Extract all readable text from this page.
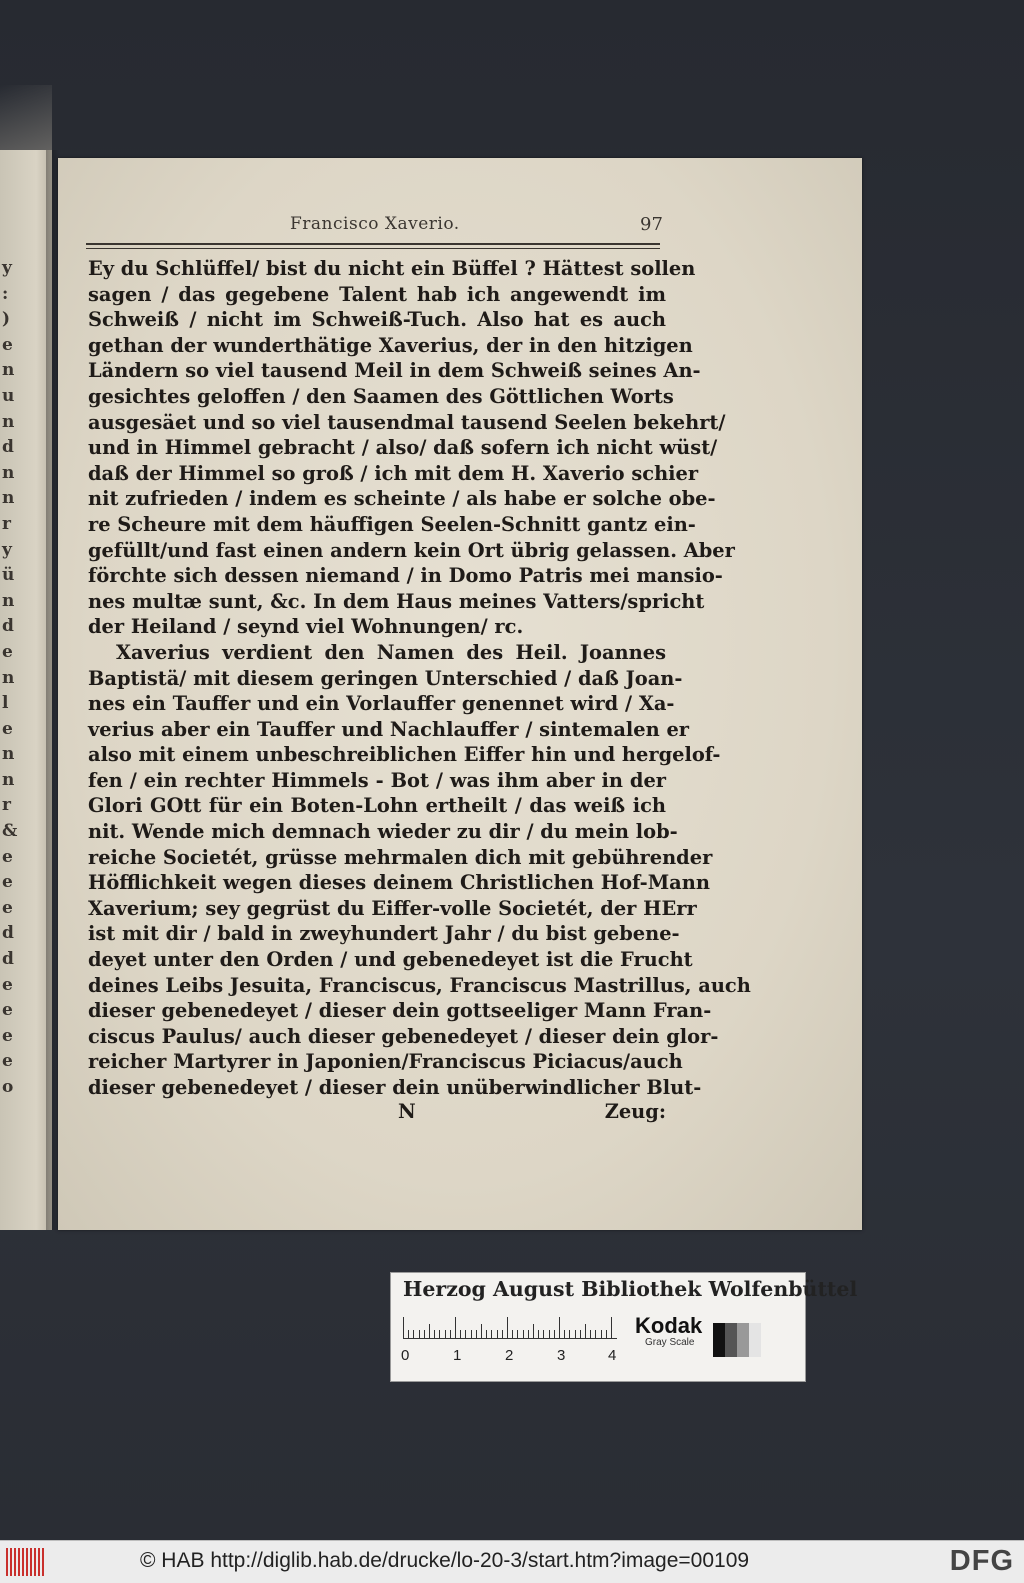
y
:
)
e
n
u
n
d
n
n
r
y
ü
n
d
e
n
l
e
n
n
r
&
e
e
e
d
d
e
e
e
e
o
Francisco Xaverio.	97
Ey du Schlüffel/ bist du nicht ein Büffel ? Hättest sollen
sagen / das gegebene Talent hab ich angewendt im
Schweiß / nicht im Schweiß-Tuch. Also hat es auch
gethan der wunderthätige Xaverius, der in den hitzigen
Ländern so viel tausend Meil in dem Schweiß seines An-
gesichtes geloffen / den Saamen des Göttlichen Worts
ausgesäet und so viel tausendmal tausend Seelen bekehrt/
und in Himmel gebracht / also/ daß sofern ich nicht wüst/
daß der Himmel so groß / ich mit dem H. Xaverio schier
nit zufrieden / indem es scheinte / als habe er solche obe-
re Scheure mit dem häuffigen Seelen-Schnitt gantz ein-
gefüllt/und fast einen andern kein Ort übrig gelassen. Aber
förchte sich dessen niemand / in Domo Patris mei mansio-
nes multæ sunt, &c. In dem Haus meines Vatters/spricht
der Heiland / seynd viel Wohnungen/ rc.
Xaverius verdient den Namen des Heil. Joannes
Baptistä/ mit diesem geringen Unterschied / daß Joan-
nes ein Tauffer und ein Vorlauffer genennet wird / Xa-
verius aber ein Tauffer und Nachlauffer / sintemalen er
also mit einem unbeschreiblichen Eiffer hin und hergelof-
fen / ein rechter Himmels - Bot / was ihm aber in der
Glori GOtt für ein Boten-Lohn ertheilt / das weiß ich
nit. Wende mich demnach wieder zu dir / du mein lob-
reiche Societét, grüsse mehrmalen dich mit gebührender
Höfflichkeit wegen dieses deinem Christlichen Hof-Mann
Xaverium; sey gegrüst du Eiffer-volle Societét, der HErr
ist mit dir / bald in zweyhundert Jahr / du bist gebene-
deyet unter den Orden / und gebenedeyet ist die Frucht
deines Leibs Jesuita, Franciscus, Franciscus Mastrillus, auch
dieser gebenedeyet / dieser dein gottseeliger Mann Fran-
ciscus Paulus/ auch dieser gebenedeyet / dieser dein glor-
reicher Martyrer in Japonien/Franciscus Piciacus/auch
dieser gebenedeyet / dieser dein unüberwindlicher Blut-
N	Zeug:
Herzog August Bibliothek Wolfenbüttel
0	1	2	3	4
Kodak
Gray Scale
© HAB http://diglib.hab.de/drucke/lo-20-3/start.htm?image=00109	DFG
